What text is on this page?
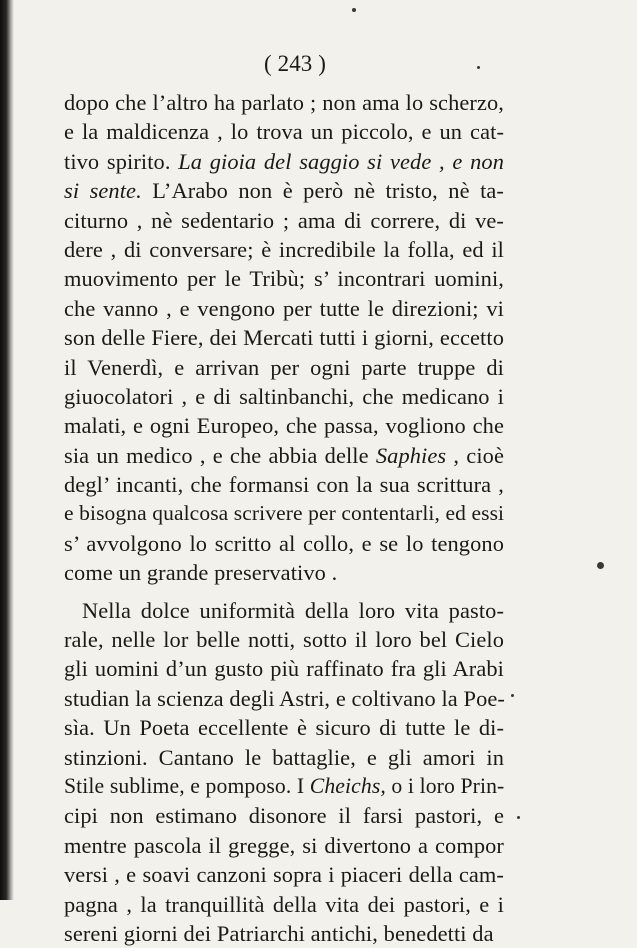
( 243 )
dopo che l’altro ha parlato ; non ama lo scherzo,
e la maldicenza , lo trova un piccolo, e un cat-
tivo spirito. La gioia del saggio si vede , e non
si sente. L’Arabo non è però nè tristo, nè ta-
citurno , nè sedentario ; ama di correre, di ve-
dere , di conversare; è incredibile la folla, ed il
muovimento per le Tribù; s’ incontrari uomini,
che vanno , e vengono per tutte le direzioni; vi
son delle Fiere, dei Mercati tutti i giorni, eccetto
il Venerdì, e arrivan per ogni parte truppe di
giuocolatori , e di saltinbanchi, che medicano i
malati, e ogni Europeo, che passa, vogliono che
sia un medico , e che abbia delle Saphies , cioè
degl’ incanti, che formansi con la sua scrittura ,
e bisogna qualcosa scrivere per contentarli, ed essi
s’ avvolgono lo scritto al collo, e se lo tengono
come un grande preservativo .
Nella dolce uniformità della loro vita pasto-
rale, nelle lor belle notti, sotto il loro bel Cielo
gli uomini d’un gusto più raffinato fra gli Arabi
studian la scienza degli Astri, e coltivano la Poe-
sìa. Un Poeta eccellente è sicuro di tutte le di-
stinzioni. Cantano le battaglie, e gli amori in
Stile sublime, e pomposo. I Cheichs, o i loro Prin-
cipi non estimano disonore il farsi pastori, e
mentre pascola il gregge, si divertono a compor
versi , e soavi canzoni sopra i piaceri della cam-
pagna , la tranquillità della vita dei pastori, e i
sereni giorni dei Patriarchi antichi, benedetti da
